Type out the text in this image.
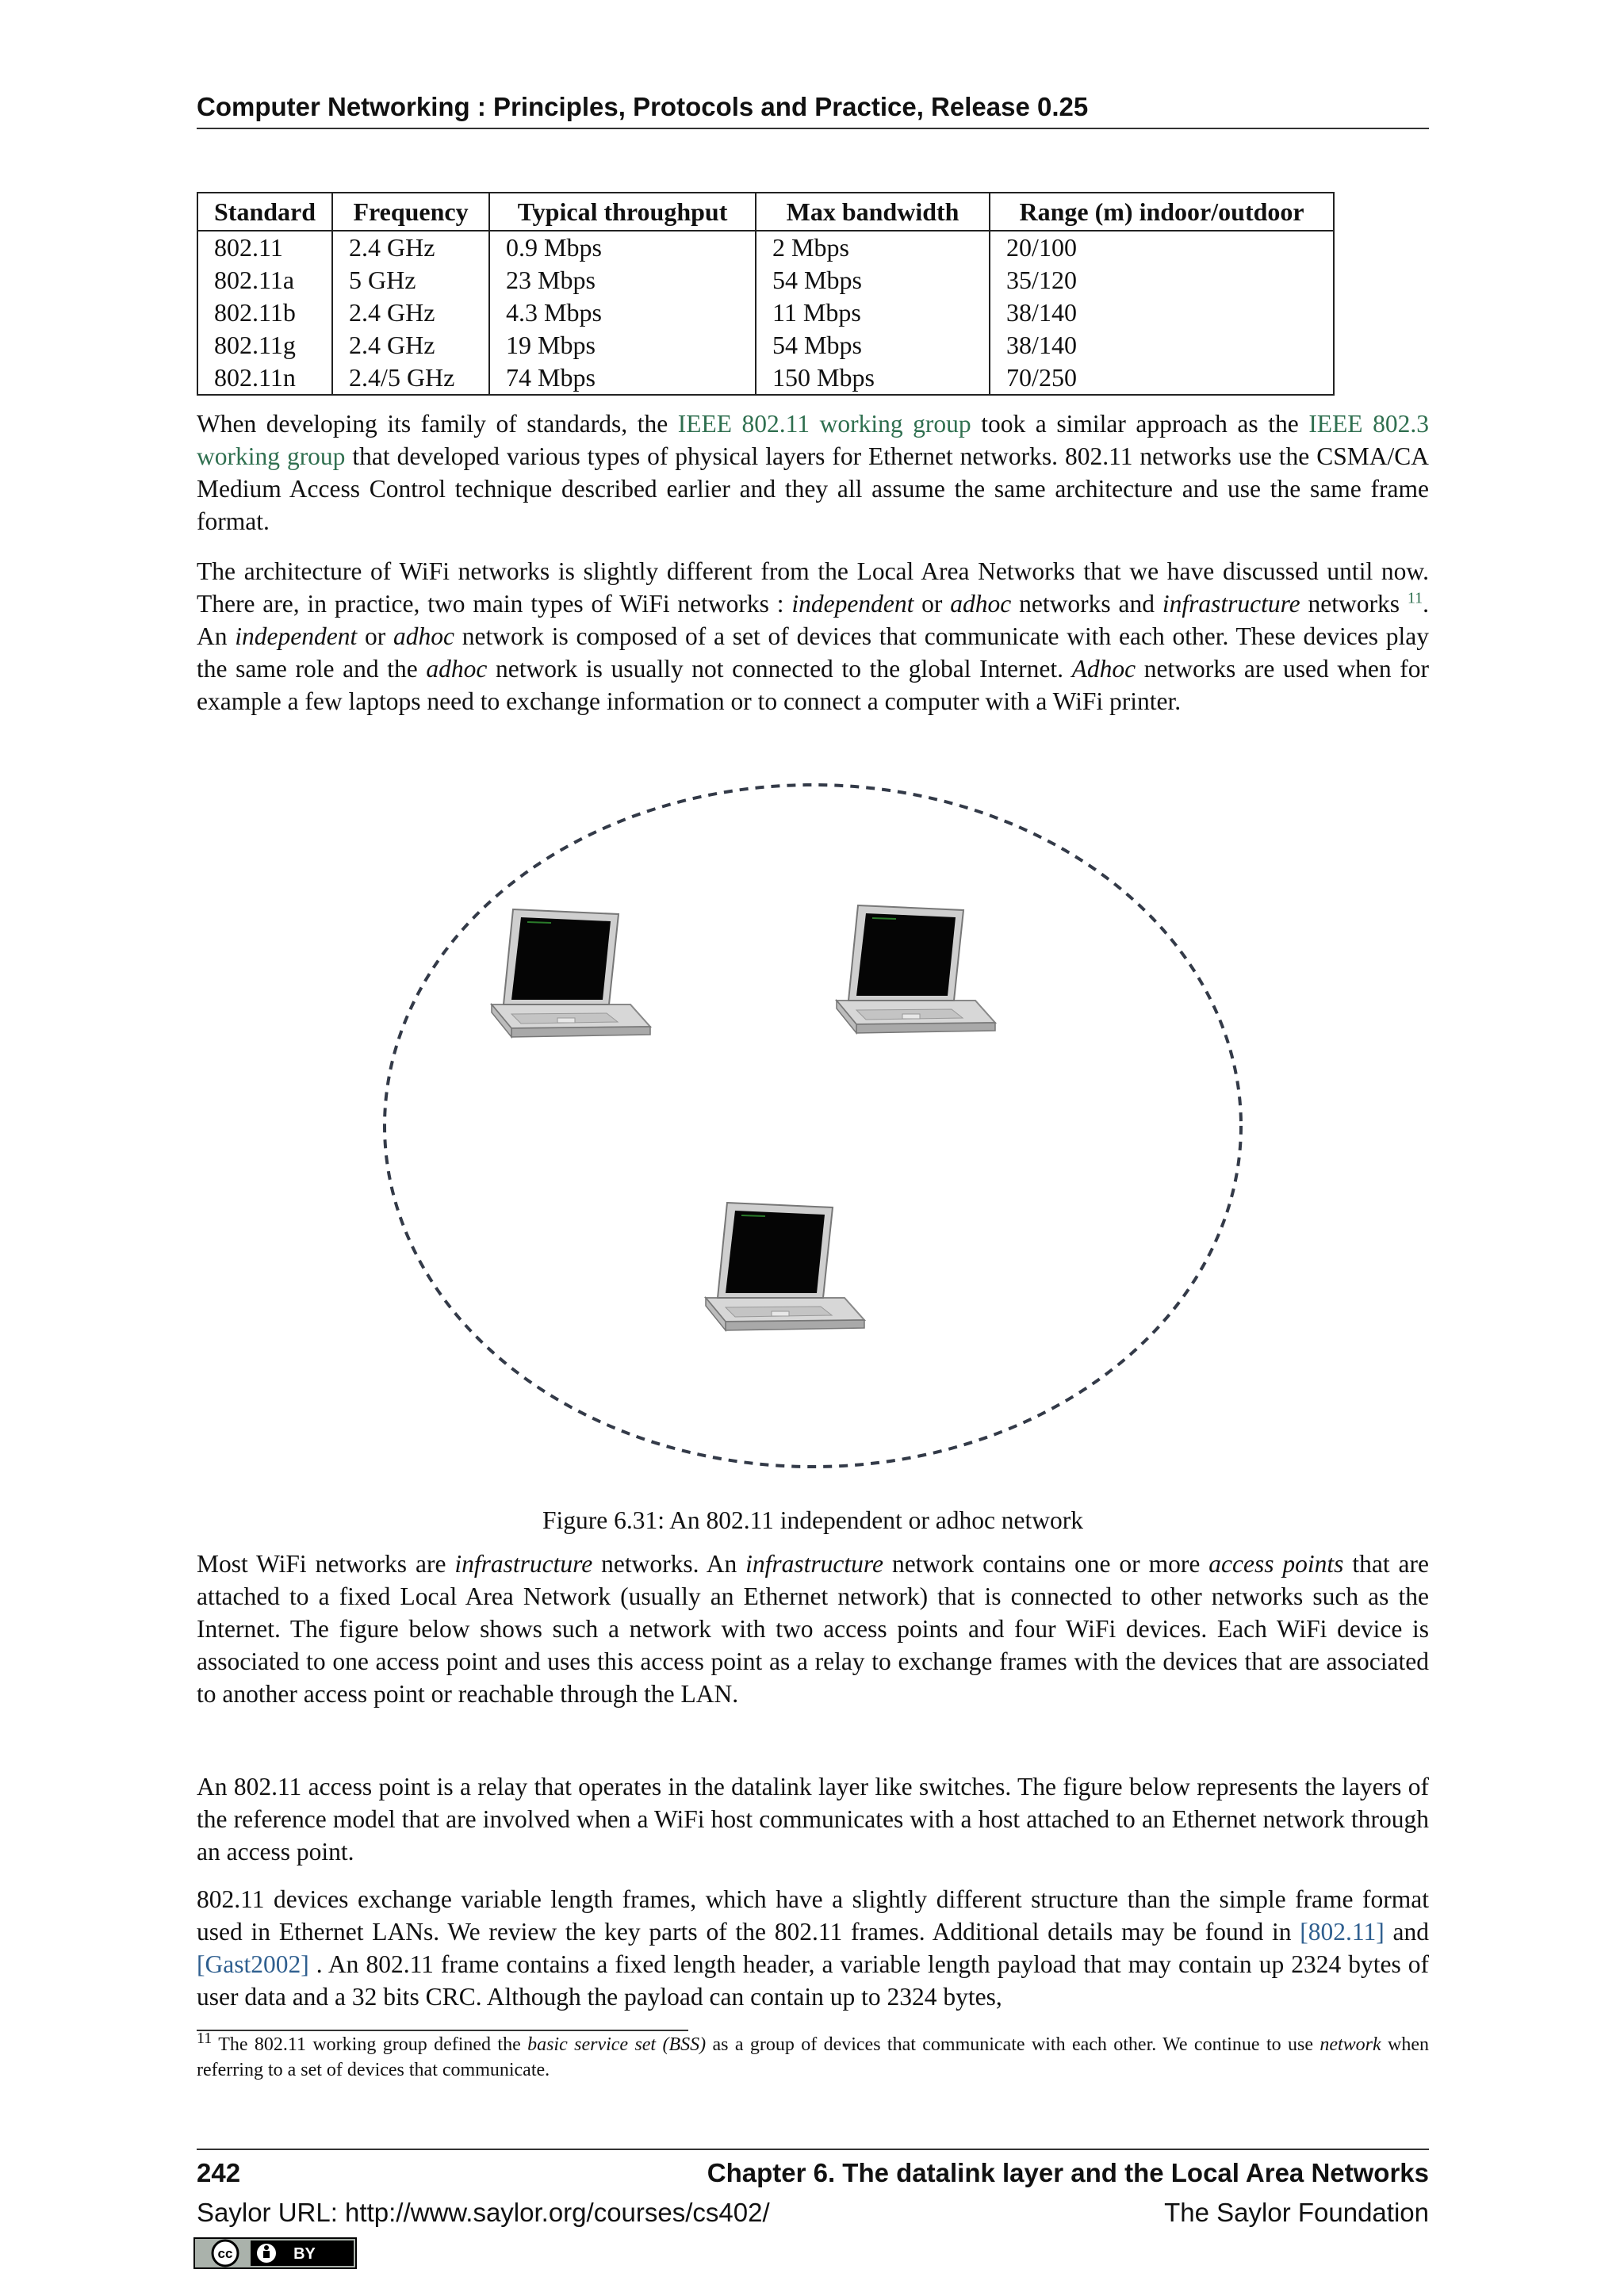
Computer Networking : Principles, Protocols and Practice, Release 0.25
Standard	Frequency	Typical throughput	Max bandwidth	Range (m) indoor/outdoor
802.11	2.4 GHz	0.9 Mbps	2 Mbps	20/100
802.11a	5 GHz	23 Mbps	54 Mbps	35/120
802.11b	2.4 GHz	4.3 Mbps	11 Mbps	38/140
802.11g	2.4 GHz	19 Mbps	54 Mbps	38/140
802.11n	2.4/5 GHz	74 Mbps	150 Mbps	70/250

When developing its family of standards, the IEEE 802.11 working group took a similar approach as the IEEE 802.3 working group that developed various types of physical layers for Ethernet networks. 802.11 networks use the CSMA/CA Medium Access Control technique described earlier and they all assume the same architecture and use the same frame format.

The architecture of WiFi networks is slightly different from the Local Area Networks that we have discussed until now. There are, in practice, two main types of WiFi networks : independent or adhoc networks and infrastructure networks $^{11}$. An independent or adhoc network is composed of a set of devices that communicate with each other. These devices play the same role and the adhoc network is usually not connected to the global Internet. Adhoc networks are used when for example a few laptops need to exchange information or to connect a computer with a WiFi printer.

Figure 6.31: An 802.11 independent or adhoc network

Most WiFi networks are infrastructure networks. An infrastructure network contains one or more access points that are attached to a fixed Local Area Network (usually an Ethernet network) that is connected to other networks such as the Internet. The figure below shows such a network with two access points and four WiFi devices. Each WiFi device is associated to one access point and uses this access point as a relay to exchange frames with the devices that are associated to another access point or reachable through the LAN.

An 802.11 access point is a relay that operates in the datalink layer like switches. The figure below represents the layers of the reference model that are involved when a WiFi host communicates with a host attached to an Ethernet network through an access point.

802.11 devices exchange variable length frames, which have a slightly different structure than the simple frame format used in Ethernet LANs. We review the key parts of the 802.11 frames. Additional details may be found in [802.11] and [Gast2002] . An 802.11 frame contains a fixed length header, a variable length payload that may contain up 2324 bytes of user data and a 32 bits CRC. Although the payload can contain up to 2324 bytes,

$^{11}$ The 802.11 working group defined the basic service set (BSS) as a group of devices that communicate with each other. We continue to use network when referring to a set of devices that communicate.
242	Chapter 6. The datalink layer and the Local Area Networks
Saylor URL: http://www.saylor.org/courses/cs402/	The Saylor Foundation
cc	BY
